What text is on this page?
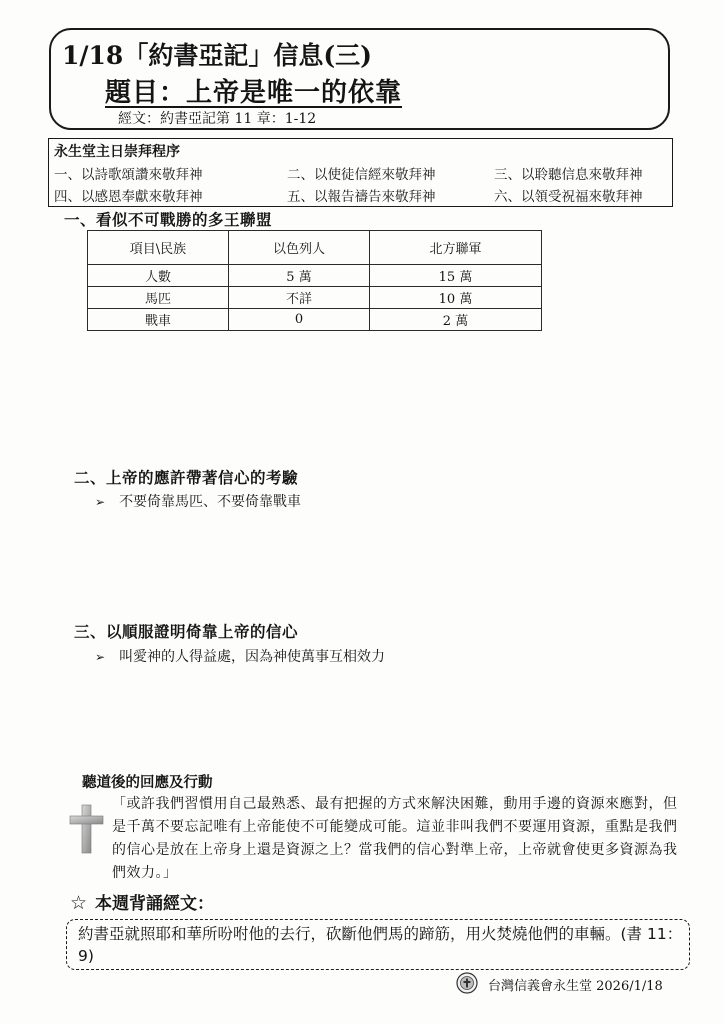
1/18「約書亞記」信息(三)
題目：上帝是唯一的依靠
經文：約書亞記第 11 章：1-12
永生堂主日崇拜程序
一、以詩歌頌讚來敬拜神	二、以使徒信經來敬拜神	三、以聆聽信息來敬拜神
四、以感恩奉獻來敬拜神	五、以報告禱告來敬拜神	六、以領受祝福來敬拜神
一、看似不可戰勝的多王聯盟
項目\民族	以色列人	北方聯軍
人數	5 萬	15 萬
馬匹	不詳	10 萬
戰車	0	2 萬
二、上帝的應許帶著信心的考驗
➢ 不要倚靠馬匹、不要倚靠戰車
三、以順服證明倚靠上帝的信心
➢ 叫愛神的人得益處，因為神使萬事互相效力
聽道後的回應及行動
「或許我們習慣用自己最熟悉、最有把握的方式來解決困難，動用手邊的資源來應對，但是千萬不要忘記唯有上帝能使不可能變成可能。這並非叫我們不要運用資源，重點是我們的信心是放在上帝身上還是資源之上？當我們的信心對準上帝，上帝就會使更多資源為我們效力。」
☆ 本週背誦經文：
約書亞就照耶和華所吩咐他的去行，砍斷他們馬的蹄筋，用火焚燒他們的車輛。(書 11：9)
台灣信義會永生堂 2026/1/18
